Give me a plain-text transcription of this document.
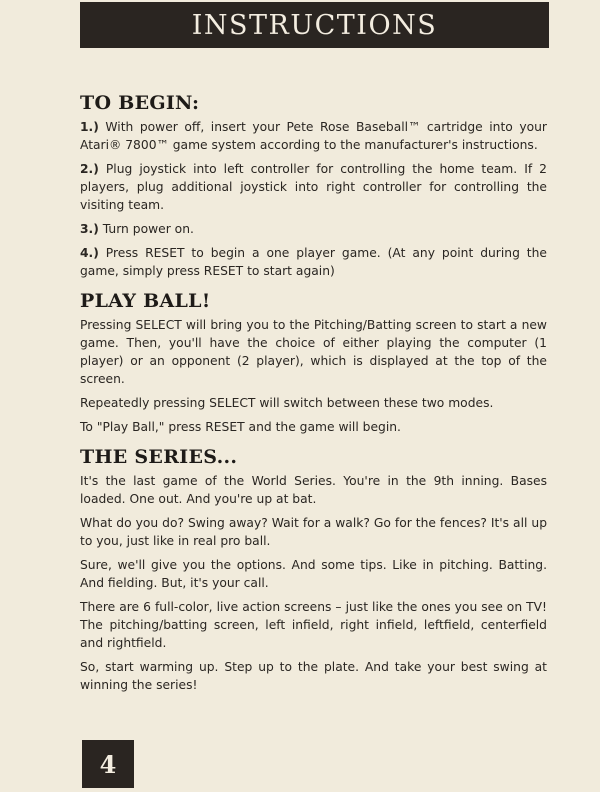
INSTRUCTIONS
TO BEGIN:

1.) With power off, insert your Pete Rose Baseball™ cartridge into your Atari® 7800™ game system according to the manufacturer's instructions.

2.) Plug joystick into left controller for controlling the home team. If 2 players, plug additional joystick into right controller for controlling the visiting team.

3.) Turn power on.

4.) Press RESET to begin a one player game. (At any point during the game, simply press RESET to start again)

PLAY BALL!

Pressing SELECT will bring you to the Pitching/Batting screen to start a new game. Then, you'll have the choice of either playing the computer (1 player) or an opponent (2 player), which is displayed at the top of the screen.

Repeatedly pressing SELECT will switch between these two modes.

To "Play Ball," press RESET and the game will begin.

THE SERIES...

It's the last game of the World Series. You're in the 9th inning. Bases loaded. One out. And you're up at bat.

What do you do? Swing away? Wait for a walk? Go for the fences? It's all up to you, just like in real pro ball.

Sure, we'll give you the options. And some tips. Like in pitching. Batting. And fielding. But, it's your call.

There are 6 full-color, live action screens – just like the ones you see on TV! The pitching/batting screen, left infield, right infield, leftfield, centerfield and rightfield.

So, start warming up. Step up to the plate. And take your best swing at winning the series!

4
